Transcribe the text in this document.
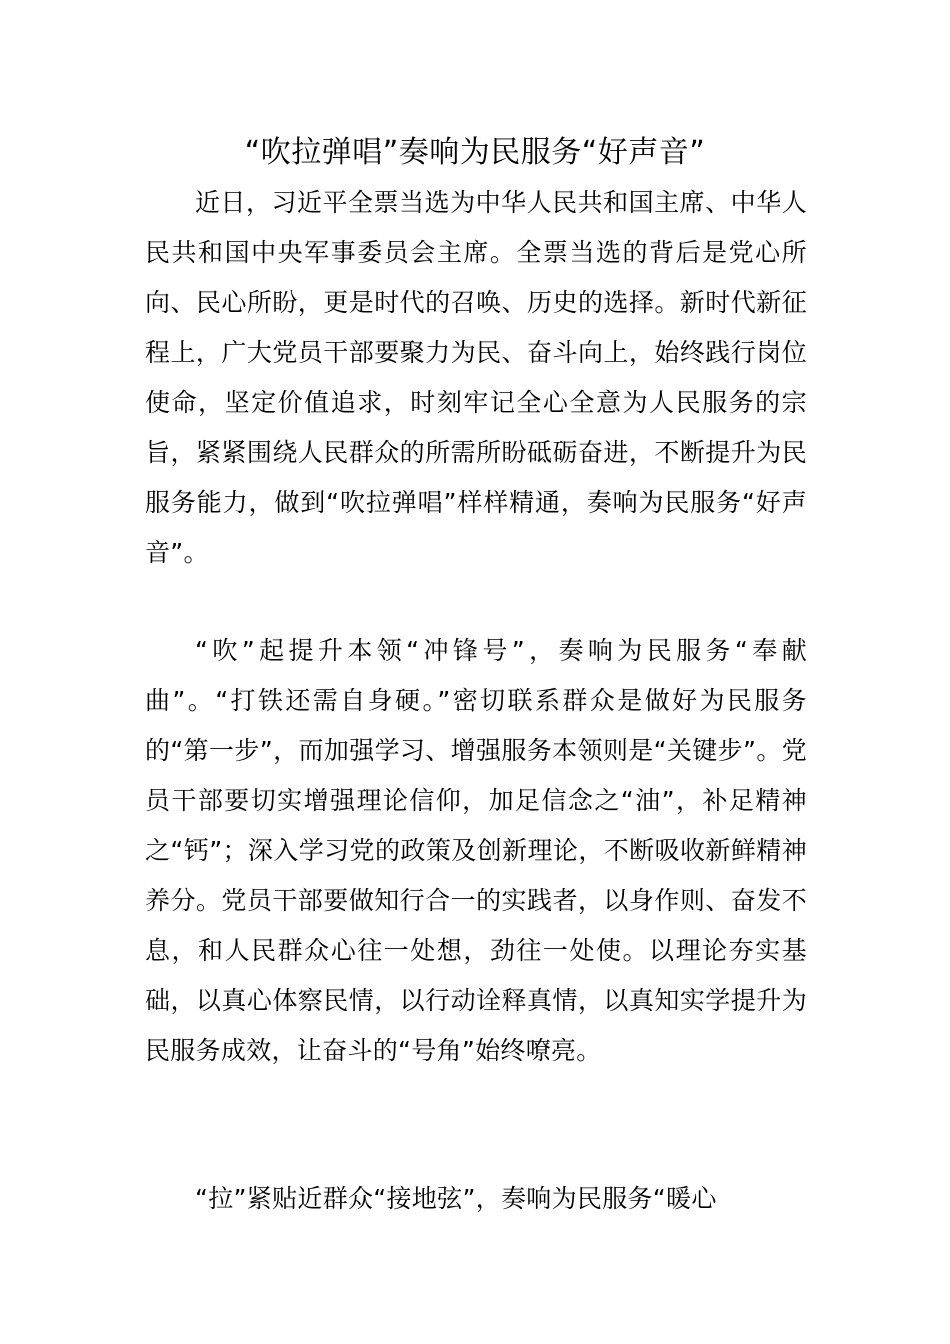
“吹拉弹唱”奏响为民服务“好声音”

近日，习近平全票当选为中华人民共和国主席、中华人民共和国中央军事委员会主席。全票当选的背后是党心所向、民心所盼，更是时代的召唤、历史的选择。新时代新征程上，广大党员干部要聚力为民、奋斗向上，始终践行岗位使命，坚定价值追求，时刻牢记全心全意为人民服务的宗旨，紧紧围绕人民群众的所需所盼砥砺奋进，不断提升为民服务能力，做到“吹拉弹唱”样样精通，奏响为民服务“好声音”。

“吹”起提升本领“冲锋号”，奏响为民服务“奉献曲”。“打铁还需自身硬。”密切联系群众是做好为民服务的“第一步”，而加强学习、增强服务本领则是“关键步”。党员干部要切实增强理论信仰，加足信念之“油”，补足精神之“钙”；深入学习党的政策及创新理论，不断吸收新鲜精神养分。党员干部要做知行合一的实践者，以身作则、奋发不息，和人民群众心往一处想，劲往一处使。以理论夯实基础，以真心体察民情，以行动诠释真情，以真知实学提升为民服务成效，让奋斗的“号角”始终嘹亮。

“拉”紧贴近群众“接地弦”，奏响为民服务“暖心
